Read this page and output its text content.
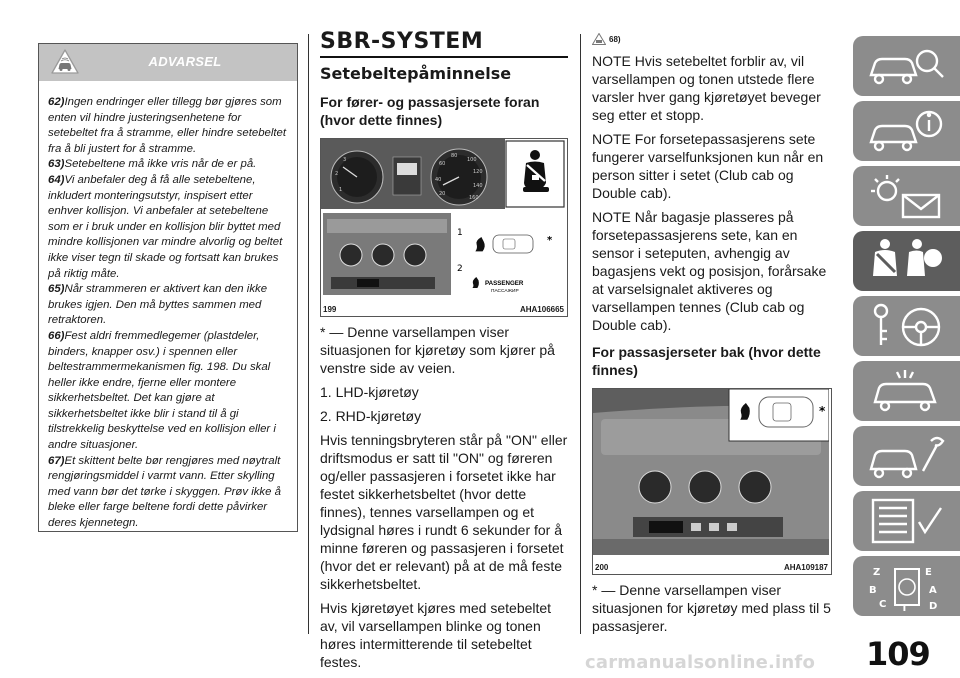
ADVARSEL

62)Ingen endringer eller tillegg bør gjøres som enten vil hindre justeringsenhetene for setebeltet fra å stramme, eller hindre setebeltet fra å bli justert for å stramme.

63)Setebeltene må ikke vris når de er på.

64)Vi anbefaler deg å få alle setebeltene, inkludert monteringsutstyr, inspisert etter enhver kollisjon. Vi anbefaler at setebeltene som er i bruk under en kollisjon blir byttet med mindre kollisjonen var mindre alvorlig og beltet ikke viser tegn til skade og fortsatt kan brukes på riktig måte.

65)Når strammeren er aktivert kan den ikke brukes igjen. Den må byttes sammen med retraktoren.

66)Fest aldri fremmedlegemer (plastdeler, binders, knapper osv.) i spennen eller beltestrammermekanismen fig. 198. Du skal heller ikke endre, fjerne eller montere sikkerhetsbeltet. Det kan gjøre at sikkerhetsbeltet ikke blir i stand til å gi tilstrekkelig beskyttelse ved en kollisjon eller i andre situasjoner.

67)Et skittent belte bør rengjøres med nøytralt rengjøringsmiddel i varmt vann. Etter skylling med vann bør det tørke i skyggen. Prøv ikke å bleke eller farge beltene fordi dette påvirker deres kjennetegn.

SBR-SYSTEM
Setebeltepåminnelse
For fører- og passasjersete foran (hvor dette finnes)
1
2
3
20
40
60
80
100
120
140
160
1
2
*
PASSENGER
ПАССАЖИР
199	AHA106665

* — Denne varsellampen viser situasjonen for kjøretøy som kjører på venstre side av veien.

1. LHD-kjøretøy

2. RHD-kjøretøy

Hvis tenningsbryteren står på "ON" eller driftsmodus er satt til "ON" og føreren og/eller passasjeren i forsetet ikke har festet sikkerhetsbeltet (hvor dette finnes), tennes varsellampen og et lydsignal høres i rundt 6 sekunder for å minne føreren og passasjeren i forsetet (hvor det er relevant) på at de må feste sikkerhetsbeltet.

Hvis kjøretøyet kjøres med setebeltet av, vil varsellampen blinke og tonen høres intermitterende til setebeltet festes.

68)

NOTE Hvis setebeltet forblir av, vil varsellampen og tonen utstede flere varsler hver gang kjøretøyet beveger seg etter et stopp.

NOTE For forsetepassasjerens sete fungerer varselfunksjonen kun når en person sitter i setet (Club cab og Double cab).

NOTE Når bagasje plasseres på forsetepassasjerens sete, kan en sensor i seteputen, avhengig av bagasjens vekt og posisjon, forårsake at varselsignalet aktiveres og varsellampen tennes (Club cab og Double cab).

For passasjerseter bak (hvor dette finnes)
*
200	AHA109187

* — Denne varsellampen viser situasjonen for kjøretøy med plass til 5 passasjerer.

Z	E
B	A
C T D
109
carmanualsonline.info
